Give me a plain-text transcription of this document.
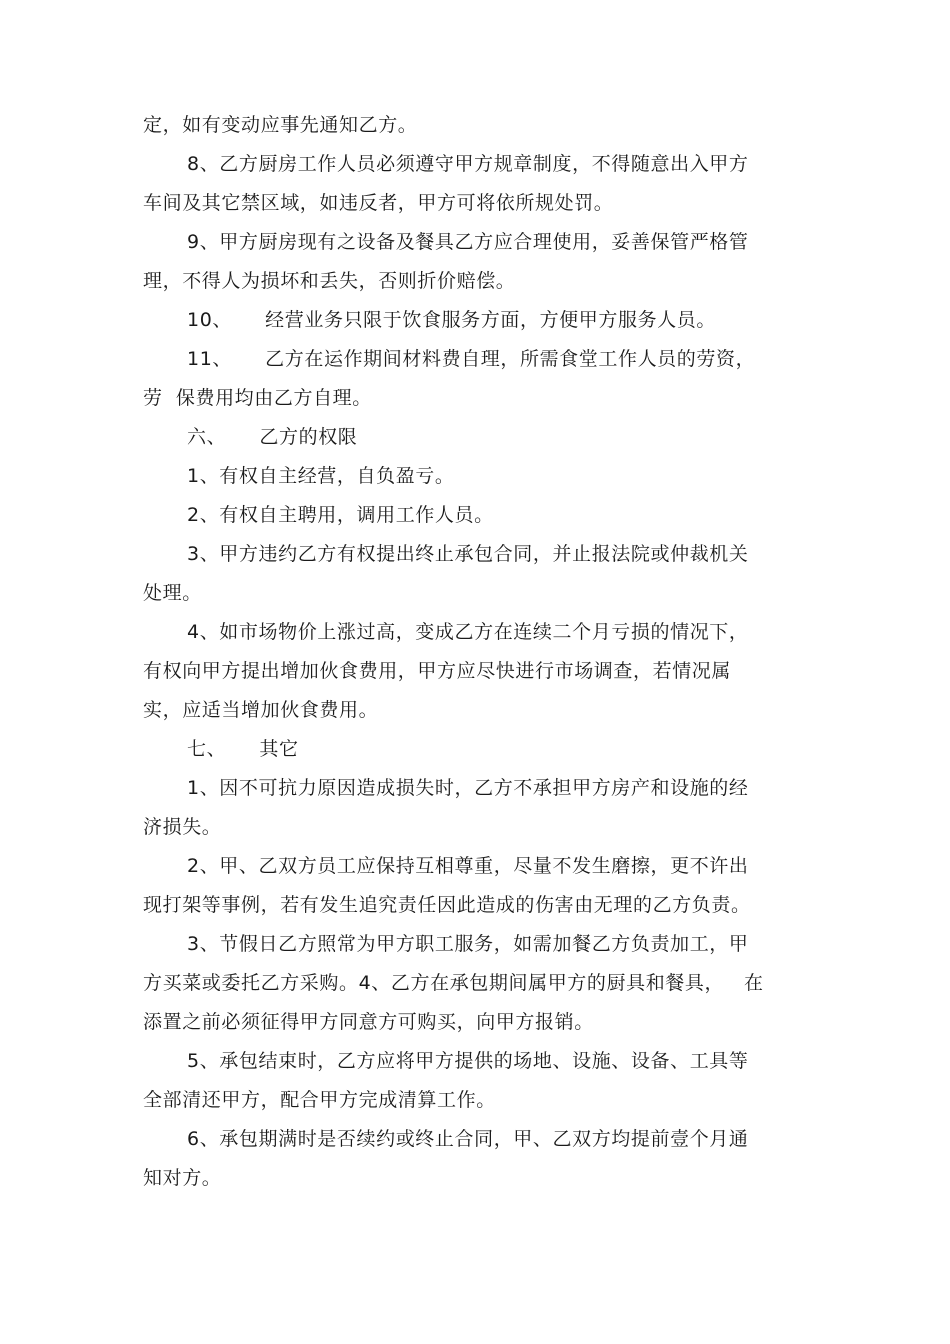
定，如有变动应事先通知乙方。
8、乙方厨房工作人员必须遵守甲方规章制度，不得随意出入甲方
车间及其它禁区域，如违反者，甲方可将依所规处罚。
9、甲方厨房现有之设备及餐具乙方应合理使用，妥善保管严格管
理，不得人为损坏和丢失，否则折价赔偿。
10、     经营业务只限于饮食服务方面，方便甲方服务人员。
11、     乙方在运作期间材料费自理，所需食堂工作人员的劳资，
劳  保费用均由乙方自理。
六、     乙方的权限
1、有权自主经营，自负盈亏。
2、有权自主聘用，调用工作人员。
3、甲方违约乙方有权提出终止承包合同，并止报法院或仲裁机关
处理。
4、如市场物价上涨过高，变成乙方在连续二个月亏损的情况下，
有权向甲方提出增加伙食费用，甲方应尽快进行市场调查，若情况属
实，应适当增加伙食费用。
七、     其它
1、因不可抗力原因造成损失时，乙方不承担甲方房产和设施的经
济损失。
2、甲、乙双方员工应保持互相尊重，尽量不发生磨擦，更不许出
现打架等事例，若有发生追究责任因此造成的伤害由无理的乙方负责。
3、节假日乙方照常为甲方职工服务，如需加餐乙方负责加工，甲
方买菜或委托乙方采购。4、乙方在承包期间属甲方的厨具和餐具，   在
添置之前必须征得甲方同意方可购买，向甲方报销。
5、承包结束时，乙方应将甲方提供的场地、设施、设备、工具等
全部清还甲方，配合甲方完成清算工作。
6、承包期满时是否续约或终止合同，甲、乙双方均提前壹个月通
知对方。
